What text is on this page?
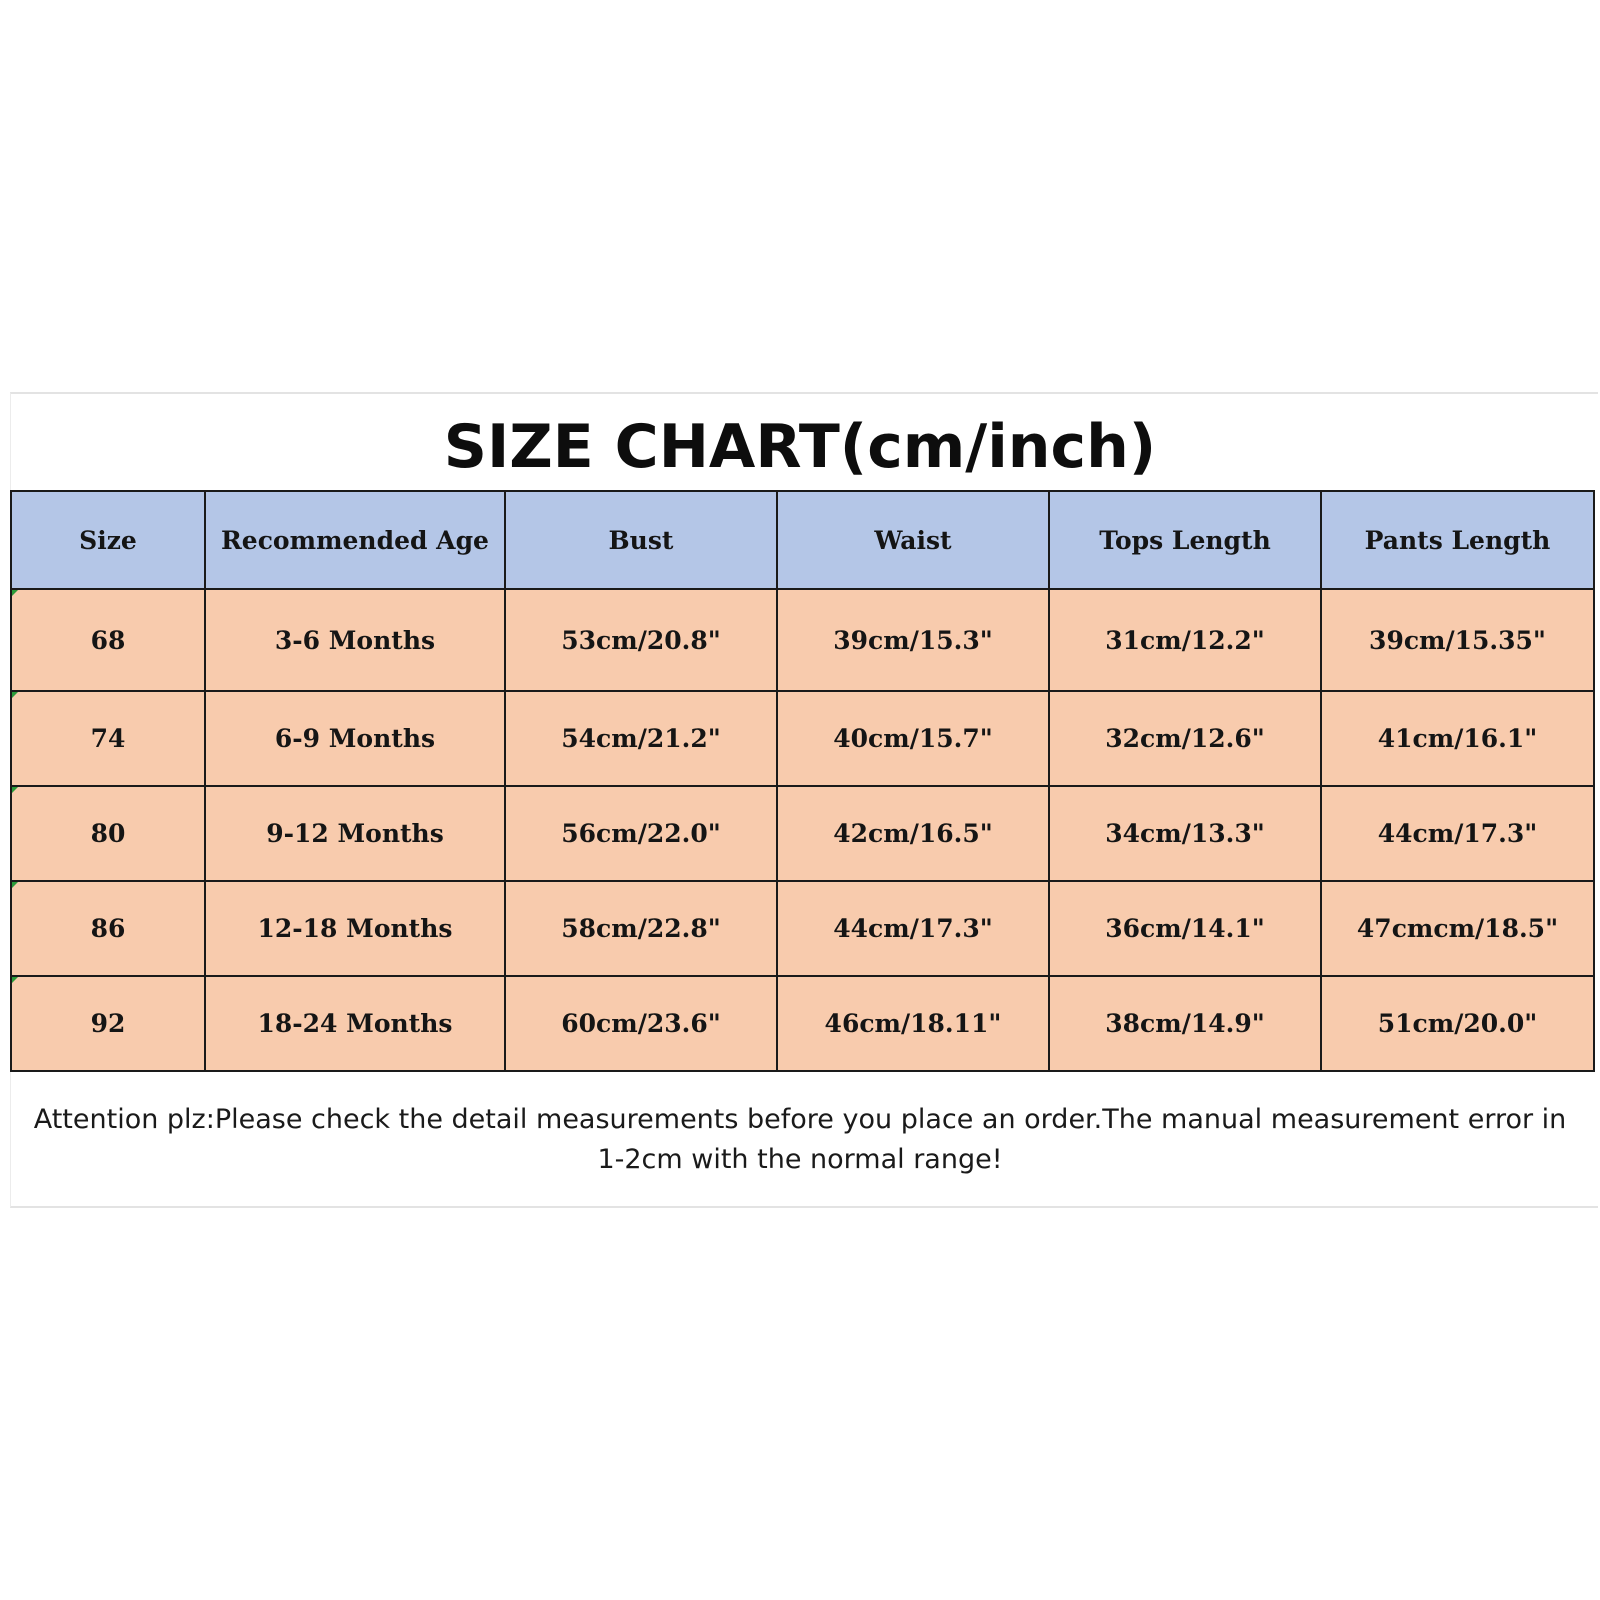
SIZE CHART(cm/inch)
Size	Recommended Age	Bust	Waist	Tops Length	Pants Length
68	3-6 Months	53cm/20.8"	39cm/15.3"	31cm/12.2"	39cm/15.35"
74	6-9 Months	54cm/21.2"	40cm/15.7"	32cm/12.6"	41cm/16.1"
80	9-12 Months	56cm/22.0"	42cm/16.5"	34cm/13.3"	44cm/17.3"
86	12-18 Months	58cm/22.8"	44cm/17.3"	36cm/14.1"	47cmcm/18.5"
92	18-24 Months	60cm/23.6"	46cm/18.11"	38cm/14.9"	51cm/20.0"
Attention plz:Please check the detail measurements before you place an order.The manual measurement error in 1-2cm with the normal range!
